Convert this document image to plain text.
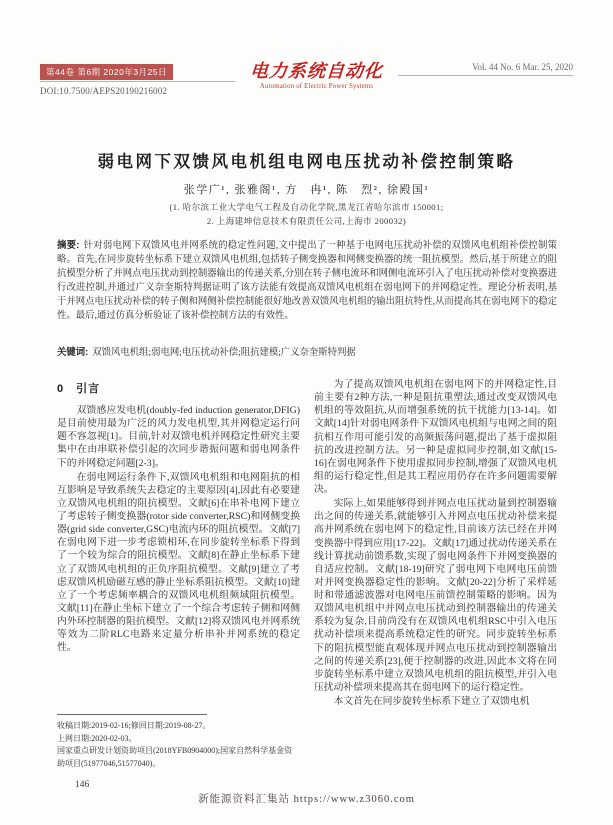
第44卷 第6期 2020年3月25日
DOI:10.7500/AEPS20190216002
电力系统自动化
Automation of Electric Power Systems
Vol. 44 No. 6 Mar. 25, 2020
弱电网下双馈风电机组电网电压扰动补偿控制策略
张学广¹, 张雅阁¹, 方　冉¹, 陈　烈², 徐殿国¹
(1. 哈尔滨工业大学电气工程及自动化学院,黑龙江省哈尔滨市 150001;
2. 上海建坤信息技术有限责任公司,上海市 200032)
摘要: 针对弱电网下双馈风电并网系统的稳定性问题,文中提出了一种基于电网电压扰动补偿的双馈风电机组补偿控制策略。首先,在同步旋转坐标系下建立双馈风电机组,包括转子侧变换器和网侧变换器的统一阻抗模型。然后,基于所建立的阻抗模型分析了并网点电压扰动到控制器输出的传递关系,分别在转子侧电流环和网侧电流环引入了电压扰动补偿对变换器进行改进控制,并通过广义奈奎斯特判据证明了该方法能有效提高双馈风电机组在弱电网下的并网稳定性。理论分析表明,基于并网点电压扰动补偿的转子侧和网侧补偿控制能很好地改善双馈风电机组的输出阻抗特性,从而提高其在弱电网下的稳定性。最后,通过仿真分析验证了该补偿控制方法的有效性。
关键词: 双馈风电机组;弱电网;电压扰动补偿;阻抗建模;广义奈奎斯特判据
0　引言

双馈感应发电机(doubly-fed induction generator,DFIG)是目前使用最为广泛的风力发电机型,其并网稳定运行问题不容忽视[1]。目前,针对双馈电机并网稳定性研究主要集中在由串联补偿引起的次同步谐振问题和弱电网条件下的并网稳定问题[2-3]。

在弱电网运行条件下,双馈风电机组和电网阻抗的相互影响是导致系统失去稳定的主要原因[4],因此有必要建立双馈风电机组的阻抗模型。文献[6]在串补电网下建立了考虑转子侧变换器(rotor side converter,RSC)和网侧变换器(grid side converter,GSC)电流内环的阻抗模型。文献[7]在弱电网下进一步考虑锁相环,在同步旋转坐标系下得到了一个较为综合的阻抗模型。文献[8]在静止坐标系下建立了双馈风电机组的正负序阻抗模型。文献[9]建立了考虑双馈风机励磁互感的静止坐标系阻抗模型。文献[10]建立了一个考虑频率耦合的双馈风电机组频域阻抗模型。文献[11]在静止坐标下建立了一个综合考虑转子侧和网侧内外环控制器的阻抗模型。文献[12]将双馈风电并网系统等效为二阶RLC电路来定量分析串补并网系统的稳定性。

收稿日期:2019-02-16;修回日期:2019-08-27。

上网日期:2020-02-03。

国家重点研发计划资助项目(2018YFB0904000);国家自然科学基金资助项目(51977046,51577040)。

为了提高双馈风电机组在弱电网下的并网稳定性,目前主要有2种方法,一种是阻抗重塑法,通过改变双馈风电机组的等效阻抗,从而增强系统的抗干扰能力[13-14]。如文献[14]针对弱电网条件下双馈风电机组与电网之间的阻抗相互作用可能引发的高频振荡问题,提出了基于虚拟阻抗的改进控制方法。另一种是虚拟同步控制,如文献[15-16]在弱电网条件下使用虚拟同步控制,增强了双馈风电机组的运行稳定性,但是其工程应用仍存在许多问题需要解决。

实际上,如果能够得到并网点电压扰动量到控制器输出之间的传递关系,就能够引入并网点电压扰动补偿来提高并网系统在弱电网下的稳定性,目前该方法已经在并网变换器中得到应用[17-22]。文献[17]通过扰动传递关系在线计算扰动前馈系数,实现了弱电网条件下并网变换器的自适应控制。文献[18-19]研究了弱电网下电网电压前馈对并网变换器稳定性的影响。文献[20-22]分析了采样延时和带通滤波器对电网电压前馈控制策略的影响。因为双馈风电机组中并网点电压扰动到控制器输出的传递关系较为复杂,目前尚没有在双馈风电机组RSC中引入电压扰动补偿项来提高系统稳定性的研究。同步旋转坐标系下的阻抗模型能直观体现并网点电压扰动到控制器输出之间的传递关系[23],便于控制器的改进,因此本文将在同步旋转坐标系中建立双馈风电机组的阻抗模型,并引入电压扰动补偿项来提高其在弱电网下的运行稳定性。

本文首先在同步旋转坐标系下建立了双馈电机

146
新能源资料汇集站 https://www.z3060.com
